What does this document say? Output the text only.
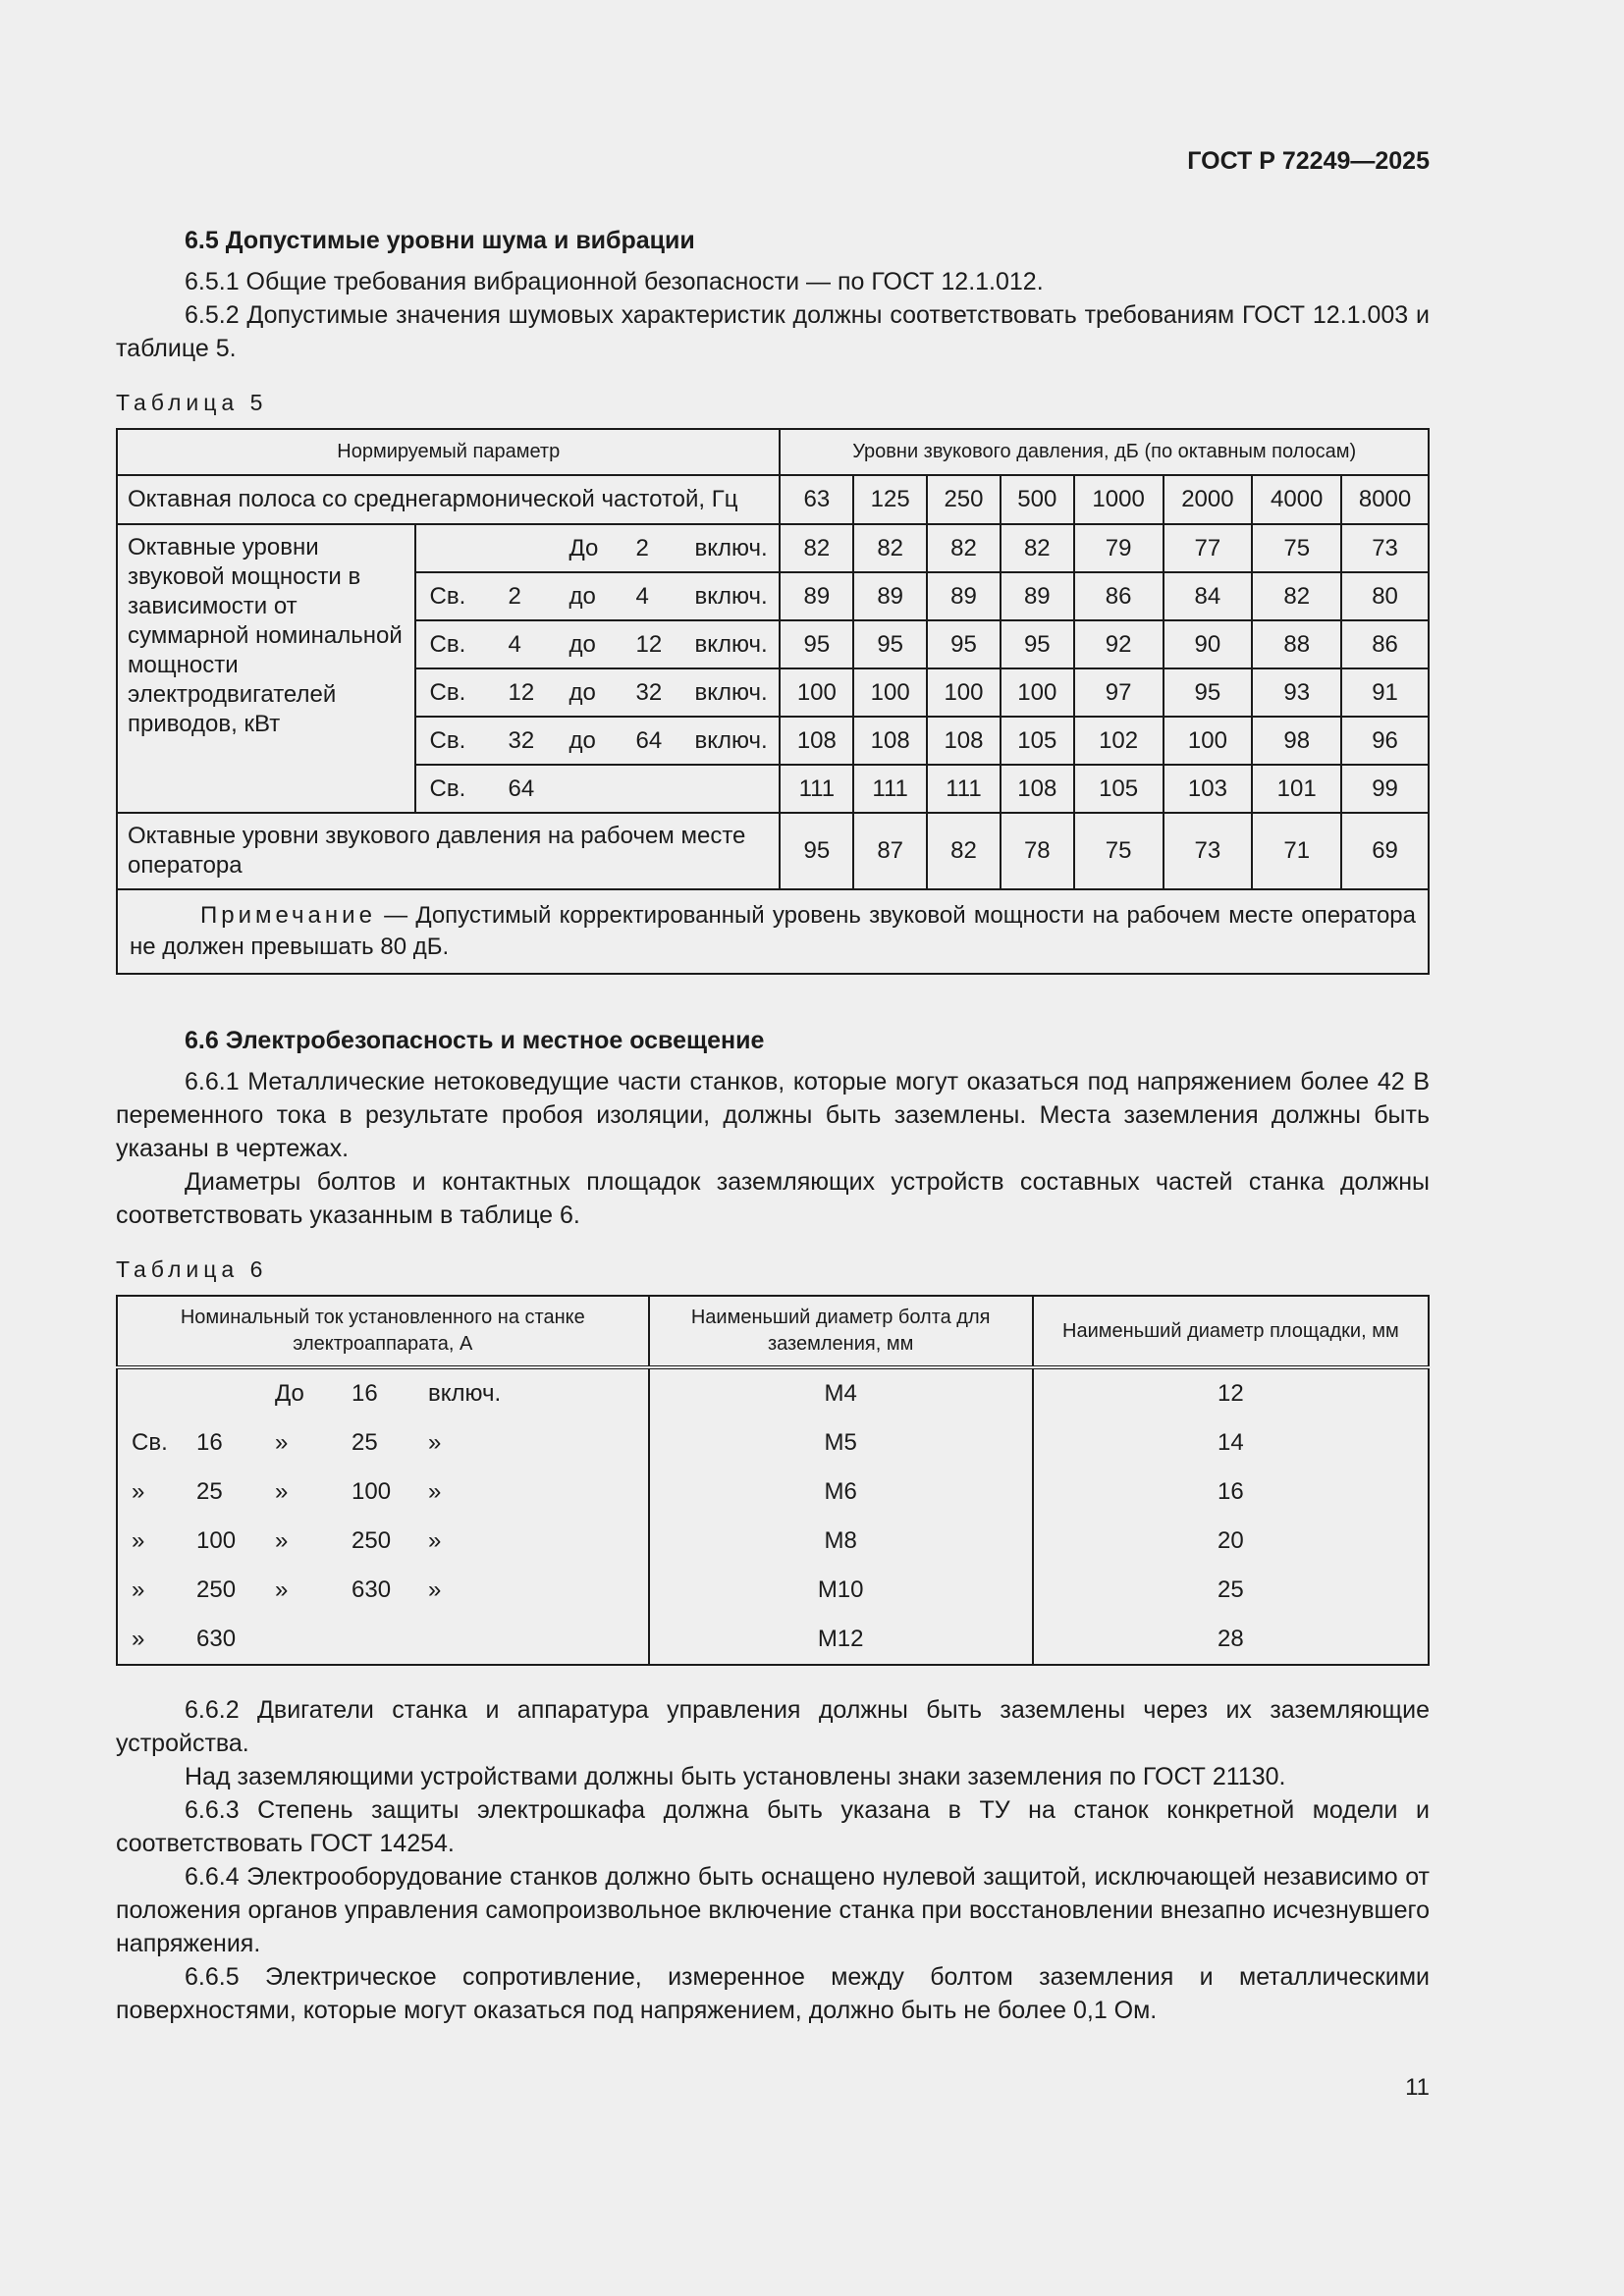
ГОСТ Р 72249—2025
6.5 Допустимые уровни шума и вибрации

6.5.1 Общие требования вибрационной безопасности — по ГОСТ 12.1.012.

6.5.2 Допустимые значения шумовых характеристик должны соответствовать требованиям ГОСТ 12.1.003 и таблице 5.

Таблица 5
Нормируемый параметр		Уровни звукового давления, дБ (по октавным полосам)							
Октавная полоса со среднегармонической частотой, Гц		63	125	250	500	1000	2000	4000	8000
Октавные уровни звуковой мощности в зависимости от суммарной номинальной мощности электродвигателей приводов, кВт	До 2 включ.	82	82	82	82	79	77	75	73

	Св. 2 до 4 включ.	89	89	89	89	86	84	82	80

	Св. 4 до 12 включ.	95	95	95	95	92	90	88	86

	Св. 12 до 32 включ.	100	100	100	100	97	95	93	91

	Св. 32 до 64 включ.	108	108	108	105	102	100	98	96

	Св. 64	111	111	111	108	105	103	101	99
Октавные уровни звукового давления на рабочем месте оператора		95	87	82	78	75	73	71	69
Примечание — Допустимый корректированный уровень звуковой мощности на рабочем месте оператора не должен превышать 80 дБ.									
6.6 Электробезопасность и местное освещение

6.6.1 Металлические нетоковедущие части станков, которые могут оказаться под напряжением более 42 В переменного тока в результате пробоя изоляции, должны быть заземлены. Места заземления должны быть указаны в чертежах.

Диаметры болтов и контактных площадок заземляющих устройств составных частей станка должны соответствовать указанным в таблице 6.

Таблица 6
Номинальный ток установленного на станке электроаппарата, А	Наименьший диаметр болта для заземления, мм	Наименьший диаметр площадки, мм

До 16 включ.	М4	12

Св. 16 » 25 »	М5	14

» 25 » 100 »	М6	16

» 100 » 250 »	М8	20

» 250 » 630 »	М10	25

» 630	М12	28

6.6.2 Двигатели станка и аппаратура управления должны быть заземлены через их заземляющие устройства.

Над заземляющими устройствами должны быть установлены знаки заземления по ГОСТ 21130.

6.6.3 Степень защиты электрошкафа должна быть указана в ТУ на станок конкретной модели и соответствовать ГОСТ 14254.

6.6.4 Электрооборудование станков должно быть оснащено нулевой защитой, исключающей независимо от положения органов управления самопроизвольное включение станка при восстановлении внезапно исчезнувшего напряжения.

6.6.5 Электрическое сопротивление, измеренное между болтом заземления и металлическими поверхностями, которые могут оказаться под напряжением, должно быть не более 0,1 Ом.

11
